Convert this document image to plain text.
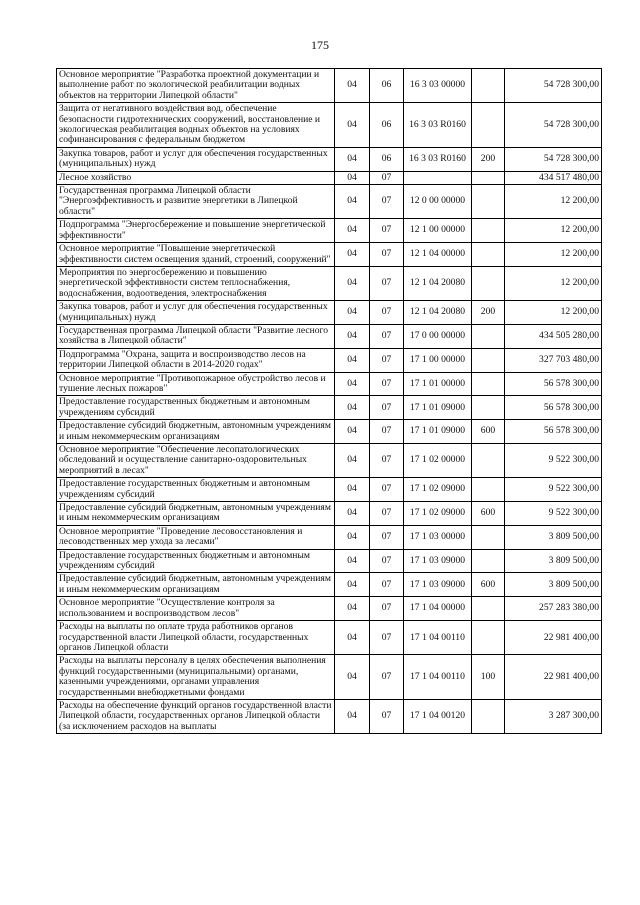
175
Основное мероприятие "Разработка проектной документации и выполнение работ по экологической реабилитации водных объектов на территории Липецкой области"	04	06	16 3 03 00000		54 728 300,00
Защита от негативного воздействия вод, обеспечение безопасности гидротехнических сооружений, восстановление и экологическая реабилитация водных объектов на условиях софинансирования с федеральным бюджетом	04	06	16 3 03 R0160		54 728 300,00
Закупка товаров, работ и услуг для обеспечения государственных (муниципальных) нужд	04	06	16 3 03 R0160	200	54 728 300,00
Лесное хозяйство	04	07			434 517 480,00
Государственная программа Липецкой области "Энергоэффективность и развитие энергетики в Липецкой области"	04	07	12 0 00 00000		12 200,00
Подпрограмма "Энергосбережение и повышение энергетической эффективности"	04	07	12 1 00 00000		12 200,00
Основное мероприятие "Повышение энергетической эффективности систем освещения зданий, строений, сооружений"	04	07	12 1 04 00000		12 200,00
Мероприятия по энергосбережению и повышению энергетической эффективности систем теплоснабжения, водоснабжения, водоотведения, электроснабжения	04	07	12 1 04 20080		12 200,00
Закупка товаров, работ и услуг для обеспечения государственных (муниципальных) нужд	04	07	12 1 04 20080	200	12 200,00
Государственная программа Липецкой области "Развитие лесного хозяйства в Липецкой области"	04	07	17 0 00 00000		434 505 280,00
Подпрограмма "Охрана, защита и воспроизводство лесов на территории Липецкой области в 2014-2020 годах"	04	07	17 1 00 00000		327 703 480,00
Основное мероприятие "Противопожарное обустройство лесов и тушение лесных пожаров"	04	07	17 1 01 00000		56 578 300,00
Предоставление государственных бюджетным и автономным учреждениям субсидий	04	07	17 1 01 09000		56 578 300,00
Предоставление субсидий бюджетным, автономным учреждениям и иным некоммерческим организациям	04	07	17 1 01 09000	600	56 578 300,00
Основное мероприятие "Обеспечение лесопатологических обследований и осуществление санитарно-оздоровительных мероприятий в лесах"	04	07	17 1 02 00000		9 522 300,00
Предоставление государственных бюджетным и автономным учреждениям субсидий	04	07	17 1 02 09000		9 522 300,00
Предоставление субсидий бюджетным, автономным учреждениям и иным некоммерческим организациям	04	07	17 1 02 09000	600	9 522 300,00
Основное мероприятие "Проведение лесовосстановления и лесоводственных мер ухода за лесами"	04	07	17 1 03 00000		3 809 500,00
Предоставление государственных бюджетным и автономным учреждениям субсидий	04	07	17 1 03 09000		3 809 500,00
Предоставление субсидий бюджетным, автономным учреждениям и иным некоммерческим организациям	04	07	17 1 03 09000	600	3 809 500,00
Основное мероприятие "Осуществление контроля за использованием и воспроизводством лесов"	04	07	17 1 04 00000		257 283 380,00
Расходы на выплаты по оплате труда работников органов государственной власти Липецкой области, государственных органов Липецкой области	04	07	17 1 04 00110		22 981 400,00
Расходы на выплаты персоналу в целях обеспечения выполнения функций государственными (муниципальными) органами, казенными учреждениями, органами управления государственными внебюджетными фондами	04	07	17 1 04 00110	100	22 981 400,00
Расходы на обеспечение функций органов государственной власти Липецкой области, государственных органов Липецкой области (за исключением расходов на выплаты	04	07	17 1 04 00120		3 287 300,00
